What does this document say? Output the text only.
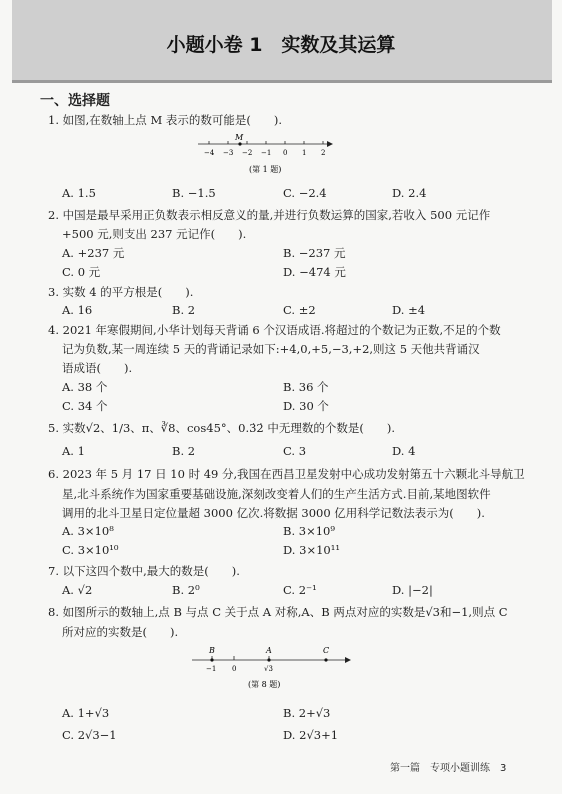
小题小卷 1　实数及其运算
一、选择题
1. 如图,在数轴上点 M 表示的数可能是(　　).
M
−4 −3 −2 −1 0 1 2
(第 1 题)
A. 1.5	B. −1.5	C. −2.4	D. 2.4
2. 中国是最早采用正负数表示相反意义的量,并进行负数运算的国家,若收入 500 元记作
+500 元,则支出 237 元记作(　　).
A. +237 元	B. −237 元
C. 0 元	D. −474 元
3. 实数 4 的平方根是(　　).
A. 16	B. 2	C. ±2	D. ±4
4. 2021 年寒假期间,小华计划每天背诵 6 个汉语成语.将超过的个数记为正数,不足的个数
记为负数,某一周连续 5 天的背诵记录如下:+4,0,+5,−3,+2,则这 5 天他共背诵汉
语成语(　　).
A. 38 个	B. 36 个
C. 34 个	D. 30 个
5. 实数√2、1/3、π、∛8、cos45°、0.3̇2̇ 中无理数的个数是(　　).
A. 1	B. 2	C. 3	D. 4
6. 2023 年 5 月 17 日 10 时 49 分,我国在西昌卫星发射中心成功发射第五十六颗北斗导航卫
星,北斗系统作为国家重要基础设施,深刻改变着人们的生产生活方式.目前,某地图软件
调用的北斗卫星日定位量超 3000 亿次.将数据 3000 亿用科学记数法表示为(　　).
A. 3×10⁸	B. 3×10⁹
C. 3×10¹⁰	D. 3×10¹¹
7. 以下这四个数中,最大的数是(　　).
A. √2	B. 2⁰	C. 2⁻¹	D. |−2|
8. 如图所示的数轴上,点 B 与点 C 关于点 A 对称,A、B 两点对应的实数是√3和−1,则点 C
所对应的实数是(　　).
B	A	C
−1 0	√3
(第 8 题)
A. 1+√3	B. 2+√3
C. 2√3−1	D. 2√3+1
第一篇　专项小题训练　3
